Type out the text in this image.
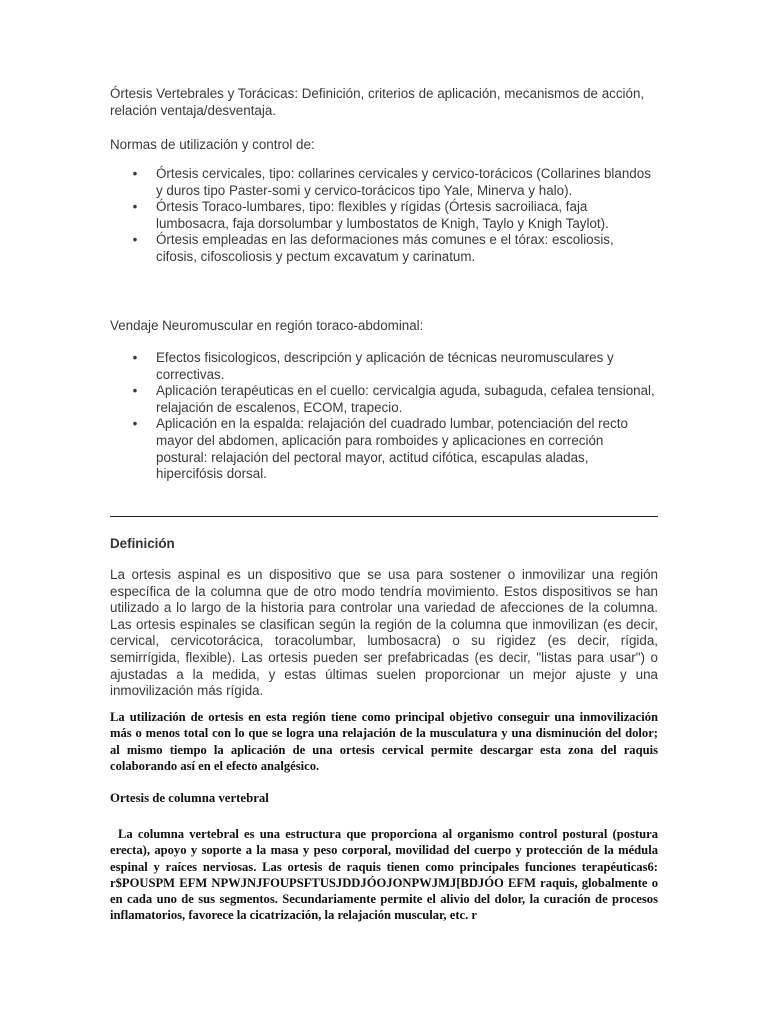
Órtesis Vertebrales y Torácicas: Definición, criterios de aplicación, mecanismos de acción, relación ventaja/desventaja.

Normas de utilización y control de:

• Órtesis cervicales, tipo: collarines cervicales y cervico-torácicos (Collarines blandos y duros tipo Paster-somi y cervico-torácicos tipo Yale, Minerva y halo).
• Órtesis Toraco-lumbares, tipo: flexibles y rígidas (Órtesis sacroiliaca, faja lumbosacra, faja dorsolumbar y lumbostatos de Knigh, Taylo y Knigh Taylot).
• Órtesis empleadas en las deformaciones más comunes e el tórax: escoliosis, cifosis, cifoscoliosis y pectum excavatum y carinatum.

Vendaje Neuromuscular en región toraco-abdominal:

• Efectos fisicologicos, descripción y aplicación de técnicas neuromusculares y correctivas.
• Aplicación terapéuticas en el cuello: cervicalgia aguda, subaguda, cefalea tensional, relajación de escalenos, ECOM, trapecio.
• Aplicación en la espalda: relajación del cuadrado lumbar, potenciación del recto mayor del abdomen, aplicación para romboides y aplicaciones en correción postural: relajación del pectoral mayor, actitud cifótica, escapulas aladas, hipercifósis dorsal.
Definición

La ortesis aspinal es un dispositivo que se usa para sostener o inmovilizar una región específica de la columna que de otro modo tendría movimiento. Estos dispositivos se han utilizado a lo largo de la historia para controlar una variedad de afecciones de la columna. Las ortesis espinales se clasifican según la región de la columna que inmovilizan (es decir, cervical, cervicotorácica, toracolumbar, lumbosacra) o su rigidez (es decir, rígida, semirrígida, flexible). Las ortesis pueden ser prefabricadas (es decir, "listas para usar") o ajustadas a la medida, y estas últimas suelen proporcionar un mejor ajuste y una inmovilización más rígida.

La utilización de ortesis en esta región tiene como principal objetivo conseguir una inmovilización más o menos total con lo que se logra una relajación de la musculatura y una disminución del dolor; al mismo tiempo la aplicación de una ortesis cervical permite descargar esta zona del raquis colaborando así en el efecto analgésico.

Ortesis de columna vertebral

La columna vertebral es una estructura que proporciona al organismo control postural (postura erecta), apoyo y soporte a la masa y peso corporal, movilidad del cuerpo y protección de la médula espinal y raíces nerviosas. Las ortesis de raquis tienen como principales funciones terapéuticas6: r$POUSPM EFM NPWJNJFOUPSFTUSJDDJÓOJONPWJMJ[BDJÓO EFM raquis, globalmente o en cada uno de sus segmentos. Secundariamente permite el alivio del dolor, la curación de procesos inflamatorios, favorece la cicatrización, la relajación muscular, etc. r
